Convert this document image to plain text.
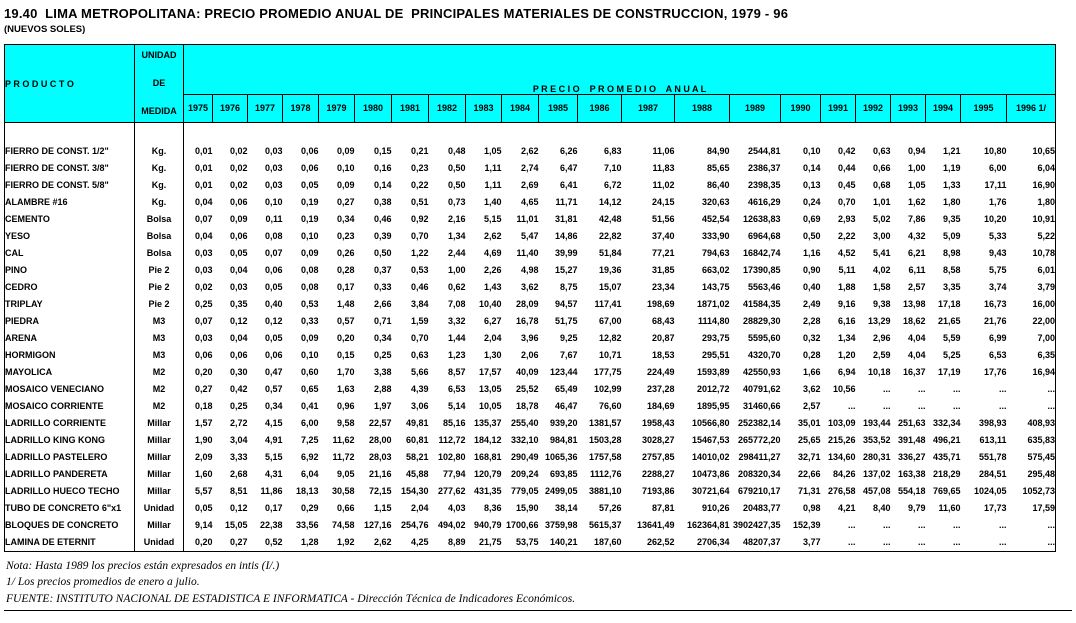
19.40  LIMA METROPOLITANA: PRECIO PROMEDIO ANUAL DE  PRINCIPALES MATERIALES DE CONSTRUCCION, 1979 - 96
(NUEVOS SOLES)
P R O D U C T O	UNIDAD
DE
MEDIDA	P R E C I O    P R O M E D I O    A N U A L																					
		1975	1976	1977	1978	1979	1980	1981	1982	1983	1984	1985	1986	1987	1988	1989	1990	1991	1992	1993	1994	1995	1996 1/

FIERRO DE CONST. 1/2"	Kg.	0,01	0,02	0,03	0,06	0,09	0,15	0,21	0,48	1,05	2,62	6,26	6,83	11,06	84,90	2544,81	0,10	0,42	0,63	0,94	1,21	10,80	10,65
FIERRO DE CONST. 3/8"	Kg.	0,01	0,02	0,03	0,06	0,10	0,16	0,23	0,50	1,11	2,74	6,47	7,10	11,83	85,65	2386,37	0,14	0,44	0,66	1,00	1,19	6,00	6,04
FIERRO DE CONST. 5/8"	Kg.	0,01	0,02	0,03	0,05	0,09	0,14	0,22	0,50	1,11	2,69	6,41	6,72	11,02	86,40	2398,35	0,13	0,45	0,68	1,05	1,33	17,11	16,90
ALAMBRE #16	Kg.	0,04	0,06	0,10	0,19	0,27	0,38	0,51	0,73	1,40	4,65	11,71	14,12	24,15	320,63	4616,29	0,24	0,70	1,01	1,62	1,80	1,76	1,80
CEMENTO	Bolsa	0,07	0,09	0,11	0,19	0,34	0,46	0,92	2,16	5,15	11,01	31,81	42,48	51,56	452,54	12638,83	0,69	2,93	5,02	7,86	9,35	10,20	10,91
YESO	Bolsa	0,04	0,06	0,08	0,10	0,23	0,39	0,70	1,34	2,62	5,47	14,86	22,82	37,40	333,90	6964,68	0,50	2,22	3,00	4,32	5,09	5,33	5,22
CAL	Bolsa	0,03	0,05	0,07	0,09	0,26	0,50	1,22	2,44	4,69	11,40	39,99	51,84	77,21	794,63	16842,74	1,16	4,52	5,41	6,21	8,98	9,43	10,78
PINO	Pie 2	0,03	0,04	0,06	0,08	0,28	0,37	0,53	1,00	2,26	4,98	15,27	19,36	31,85	663,02	17390,85	0,90	5,11	4,02	6,11	8,58	5,75	6,01
CEDRO	Pie 2	0,02	0,03	0,05	0,08	0,17	0,33	0,46	0,62	1,43	3,62	8,75	15,07	23,34	143,75	5563,46	0,40	1,88	1,58	2,57	3,35	3,74	3,79
TRIPLAY	Pie 2	0,25	0,35	0,40	0,53	1,48	2,66	3,84	7,08	10,40	28,09	94,57	117,41	198,69	1871,02	41584,35	2,49	9,16	9,38	13,98	17,18	16,73	16,00
PIEDRA	M3	0,07	0,12	0,12	0,33	0,57	0,71	1,59	3,32	6,27	16,78	51,75	67,00	68,43	1114,80	28829,30	2,28	6,16	13,29	18,62	21,65	21,76	22,00
ARENA	M3	0,03	0,04	0,05	0,09	0,20	0,34	0,70	1,44	2,04	3,96	9,25	12,82	20,87	293,75	5595,60	0,32	1,34	2,96	4,04	5,59	6,99	7,00
HORMIGON	M3	0,06	0,06	0,06	0,10	0,15	0,25	0,63	1,23	1,30	2,06	7,67	10,71	18,53	295,51	4320,70	0,28	1,20	2,59	4,04	5,25	6,53	6,35
MAYOLICA	M2	0,20	0,30	0,47	0,60	1,70	3,38	5,66	8,57	17,57	40,09	123,44	177,75	224,49	1593,89	42550,93	1,66	6,94	10,18	16,37	17,19	17,76	16,94
MOSAICO VENECIANO	M2	0,27	0,42	0,57	0,65	1,63	2,88	4,39	6,53	13,05	25,52	65,49	102,99	237,28	2012,72	40791,62	3,62	10,56	...	...	...	...	...
MOSAICO CORRIENTE	M2	0,18	0,25	0,34	0,41	0,96	1,97	3,06	5,14	10,05	18,78	46,47	76,60	184,69	1895,95	31460,66	2,57	...	...	...	...	...	...
LADRILLO CORRIENTE	Millar	1,57	2,72	4,15	6,00	9,58	22,57	49,81	85,16	135,37	255,40	939,20	1381,57	1958,43	10566,80	252382,14	35,01	103,09	193,44	251,63	332,34	398,93	408,93
LADRILLO KING KONG	Millar	1,90	3,04	4,91	7,25	11,62	28,00	60,81	112,72	184,12	332,10	984,81	1503,28	3028,27	15467,53	265772,20	25,65	215,26	353,52	391,48	496,21	613,11	635,83
LADRILLO PASTELERO	Millar	2,09	3,33	5,15	6,92	11,72	28,03	58,21	102,80	168,81	290,49	1065,36	1757,58	2757,85	14010,02	298411,27	32,71	134,60	280,31	336,27	435,71	551,78	575,45
LADRILLO PANDERETA	Millar	1,60	2,68	4,31	6,04	9,05	21,16	45,88	77,94	120,79	209,24	693,85	1112,76	2288,27	10473,86	208320,34	22,66	84,26	137,02	163,38	218,29	284,51	295,48
LADRILLO HUECO TECHO	Millar	5,57	8,51	11,86	18,13	30,58	72,15	154,30	277,62	431,35	779,05	2499,05	3881,10	7193,86	30721,64	679210,17	71,31	276,58	457,08	554,18	769,65	1024,05	1052,73
TUBO DE CONCRETO 6"x1	Unidad	0,05	0,12	0,17	0,29	0,66	1,15	2,04	4,03	8,36	15,90	38,14	57,26	87,81	910,26	20483,77	0,98	4,21	8,40	9,79	11,60	17,73	17,59
BLOQUES DE CONCRETO	Millar	9,14	15,05	22,38	33,56	74,58	127,16	254,76	494,02	940,79	1700,66	3759,98	5615,37	13641,49	162364,81	3902427,35	152,39	...	...	...	...	...	...
LAMINA DE ETERNIT	Unidad	0,20	0,27	0,52	1,28	1,92	2,62	4,25	8,89	21,75	53,75	140,21	187,60	262,52	2706,34	48207,37	3,77	...	...	...	...	...	...
Nota: Hasta 1989 los precios están expresados en intis (I/.)
1/ Los precios promedios de enero a julio.
FUENTE: INSTITUTO NACIONAL DE ESTADISTICA E INFORMATICA - Dirección Técnica de Indicadores Económicos.
